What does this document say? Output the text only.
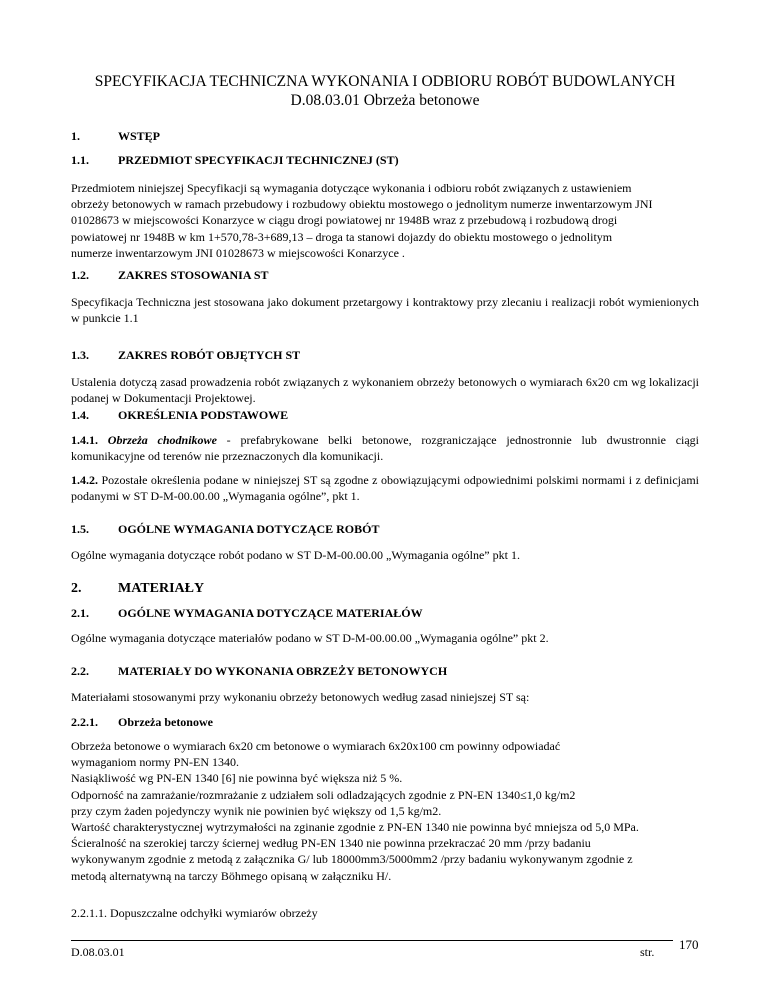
SPECYFIKACJA TECHNICZNA WYKONANIA I ODBIORU ROBÓT BUDOWLANYCH
D.08.03.01 Obrzeża betonowe
1.	WSTĘP
1.1. PRZEDMIOT SPECYFIKACJI TECHNICZNEJ (ST)
Przedmiotem niniejszej Specyfikacji są wymagania dotyczące wykonania i odbioru robót związanych z ustawieniem
obrzeży betonowych w ramach przebudowy i rozbudowy obiektu mostowego o jednolitym numerze inwentarzowym JNI
01028673 w miejscowości Konarzyce w ciągu drogi powiatowej nr 1948B wraz z przebudową i rozbudową drogi
powiatowej nr 1948B w km 1+570,78-3+689,13 – droga ta stanowi dojazdy do obiektu mostowego o jednolitym
numerze inwentarzowym JNI 01028673 w miejscowości Konarzyce .
1.2. ZAKRES STOSOWANIA ST
Specyfikacja Techniczna jest stosowana jako dokument przetargowy i kontraktowy przy zlecaniu i realizacji robót wymienionych w punkcie 1.1
1.3. ZAKRES ROBÓT OBJĘTYCH ST
Ustalenia dotyczą zasad prowadzenia robót związanych z wykonaniem obrzeży betonowych o wymiarach 6x20 cm wg lokalizacji podanej w Dokumentacji Projektowej.
1.4. OKREŚLENIA PODSTAWOWE
1.4.1. Obrzeża chodnikowe - prefabrykowane belki betonowe, rozgraniczające jednostronnie lub dwustronnie ciągi komunikacyjne od terenów nie przeznaczonych dla komunikacji.
1.4.2. Pozostałe określenia podane w niniejszej ST są zgodne z obowiązującymi odpowiednimi polskimi normami i z definicjami podanymi w ST D-M-00.00.00 „Wymagania ogólne”, pkt 1.
1.5. OGÓLNE WYMAGANIA DOTYCZĄCE ROBÓT
Ogólne wymagania dotyczące robót podano w ST D-M-00.00.00 „Wymagania ogólne” pkt 1.
2.	MATERIAŁY
2.1. OGÓLNE WYMAGANIA DOTYCZĄCE MATERIAŁÓW
Ogólne wymagania dotyczące materiałów podano w ST D-M-00.00.00 „Wymagania ogólne” pkt 2.
2.2. MATERIAŁY DO WYKONANIA OBRZEŻY BETONOWYCH
Materiałami stosowanymi przy wykonaniu obrzeży betonowych według zasad niniejszej ST są:
2.2.1. Obrzeża betonowe
Obrzeża betonowe o wymiarach 6x20 cm betonowe o wymiarach 6x20x100 cm powinny odpowiadać
wymaganiom normy PN-EN 1340.
Nasiąkliwość wg PN-EN 1340 [6] nie powinna być większa niż 5 %.
Odporność na zamrażanie/rozmrażanie z udziałem soli odladzających zgodnie z PN-EN 1340≤1,0 kg/m2
przy czym żaden pojedynczy wynik nie powinien być większy od 1,5 kg/m2.
Wartość charakterystycznej wytrzymałości na zginanie zgodnie z PN-EN 1340 nie powinna być mniejsza od 5,0 MPa.
Ścieralność na szerokiej tarczy ściernej według PN-EN 1340 nie powinna przekraczać 20 mm /przy badaniu
wykonywanym zgodnie z metodą z załącznika G/ lub 18000mm3/5000mm2 /przy badaniu wykonywanym zgodnie z
metodą alternatywną na tarczy Böhmego opisaną w załączniku H/.
2.2.1.1. Dopuszczalne odchyłki wymiarów obrzeży
D.08.03.01	str. 170
